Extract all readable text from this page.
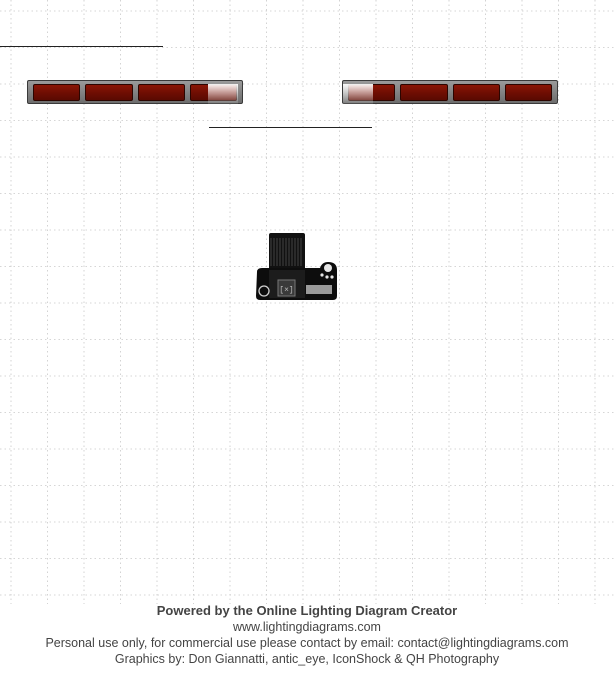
[×]
Powered by the Online Lighting Diagram Creator
www.lightingdiagrams.com
Personal use only, for commercial use please contact by email: contact@lightingdiagrams.com
Graphics by: Don Giannatti, antic_eye, IconShock & QH Photography
